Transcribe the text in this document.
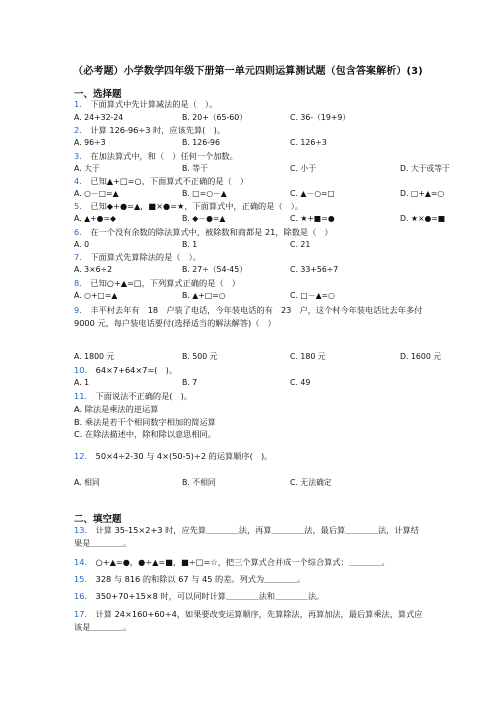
（必考题）小学数学四年级下册第一单元四则运算测试题（包含答案解析）(3)
一、选择题
1． 下面算式中先计算减法的是（　）。
A. 24+32-24	B. 20+（65-60）	C. 36-（19+9）
2． 计算 126-96÷3 时，应该先算(　)。
A. 96÷3	B. 126-96	C. 126÷3
3． 在加法算式中，和（　）任何一个加数。
A. 大于	B. 等于	C. 小于	D. 大于或等于
4． 已知▲+□=○，下面算式不正确的是（　）
A. ○－□=▲	B. □=○－▲	C. ▲－○=□	D. □+▲=○
5． 已知◆+●=▲，■×●=★，下面算式中，正确的是（　）。
A. ▲+●=◆	B. ◆－●=▲	C. ★+■=●	D. ★×●=■
6． 在一个没有余数的除法算式中，被除数和商都是 21，除数是（　）
A. 0	B. 1	C. 21
7． 下面算式先算除法的是（　）。
A. 3×6÷2	B. 27÷（54-45）	C. 33+56÷7
8． 已知○+▲=□，下列算式正确的是（　）
A. ○+□=▲	B. ▲+□=○	C. □－▲=○
9． 丰平村去年有　18　户装了电话，今年装电话的有　23　户，这个村今年装电话比去年多付 9000 元，每户装电话要付(选择适当的解法解答)（　）
A. 1800 元	B. 500 元	C. 180 元	D. 1600 元
10． 64×7+64×7=(　)。
A. 1	B. 7	C. 49
11． 下面说法不正确的是(　)。
A. 除法是乘法的逆运算
B. 乘法是若干个相同数字相加的简运算
C. 在除法描述中，除和除以意思相同。
12． 50×4÷2-30 与 4×(50-5)÷2 的运算顺序(　)。
A. 相同	B. 不相同	C. 无法确定
二、填空题
13． 计算 35-15×2+3 时，应先算＿＿＿＿法，再算＿＿＿＿法，最后算＿＿＿＿法，计算结果是＿＿＿＿。
14． ○+▲=●，●÷▲=■，■÷□=☆，把三个算式合并成一个综合算式：＿＿＿＿。
15． 328 与 816 的和除以 67 与 45 的差。列式为＿＿＿＿。
16． 350+70+15×8 时，可以同时计算＿＿＿＿法和＿＿＿＿法。
17． 计算 24×160+60÷4，如果要改变运算顺序，先算除法，再算加法，最后算乘法，算式应该是＿＿＿＿。
